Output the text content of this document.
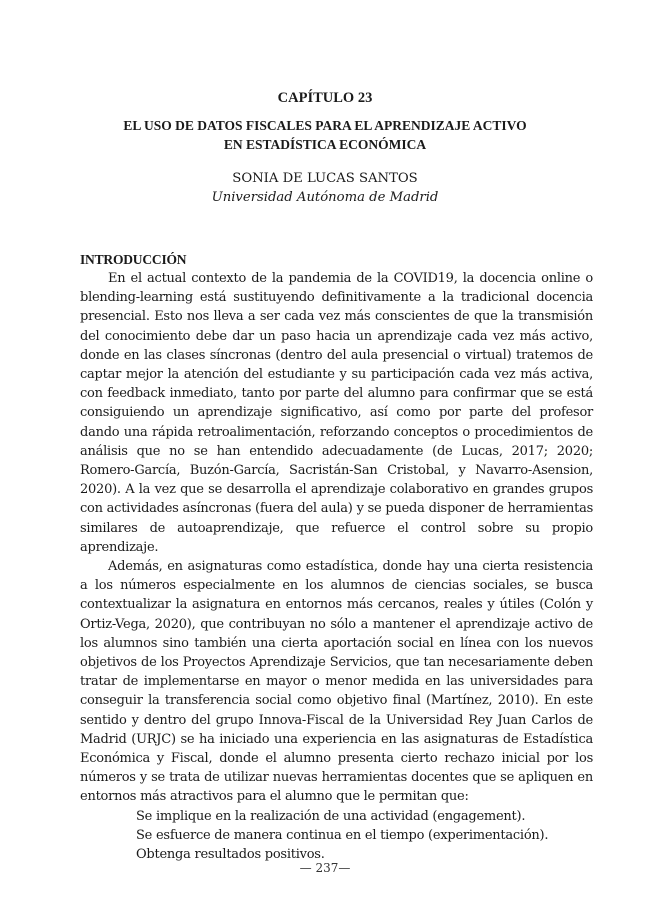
CAPÍTULO 23

EL USO DE DATOS FISCALES PARA EL APRENDIZAJE ACTIVO
EN ESTADÍSTICA ECONÓMICA

SONIA DE LUCAS SANTOS

Universidad Autónoma de Madrid

INTRODUCCIÓN

En el actual contexto de la pandemia de la COVID19, la docencia online o blending-learning está sustituyendo definitivamente a la tradicional docencia presencial. Esto nos lleva a ser cada vez más conscientes de que la transmisión del conocimiento debe dar un paso hacia un aprendizaje cada vez más activo, donde en las clases síncronas (dentro del aula presencial o virtual) tratemos de captar mejor la atención del estudiante y su participación cada vez más activa, con feedback inmediato, tanto por parte del alumno para confirmar que se está consiguiendo un aprendizaje significativo, así como por parte del profesor dando una rápida retroalimentación, reforzando conceptos o procedimientos de análisis que no se han entendido adecuadamente (de Lucas, 2017; 2020; Romero-García, Buzón-García, Sacristán-San Cristobal, y Navarro-Asension, 2020). A la vez que se desarrolla el aprendizaje colaborativo en grandes grupos con actividades asíncronas (fuera del aula) y se pueda disponer de herramientas similares de autoaprendizaje, que refuerce el control sobre su propio aprendizaje.

Además, en asignaturas como estadística, donde hay una cierta resistencia a los números especialmente en los alumnos de ciencias sociales, se busca contextualizar la asignatura en entornos más cercanos, reales y útiles (Colón y Ortiz-Vega, 2020), que contribuyan no sólo a mantener el aprendizaje activo de los alumnos sino también una cierta aportación social en línea con los nuevos objetivos de los Proyectos Aprendizaje Servicios, que tan necesariamente deben tratar de implementarse en mayor o menor medida en las universidades para conseguir la transferencia social como objetivo final (Martínez, 2010). En este sentido y dentro del grupo Innova-Fiscal de la Universidad Rey Juan Carlos de Madrid (URJC) se ha iniciado una experiencia en las asignaturas de Estadística Económica y Fiscal, donde el alumno presenta cierto rechazo inicial por los números y se trata de utilizar nuevas herramientas docentes que se apliquen en entornos más atractivos para el alumno que le permitan que:

Se implique en la realización de una actividad (engagement).

Se esfuerce de manera continua en el tiempo (experimentación).

Obtenga resultados positivos.

— 237—
